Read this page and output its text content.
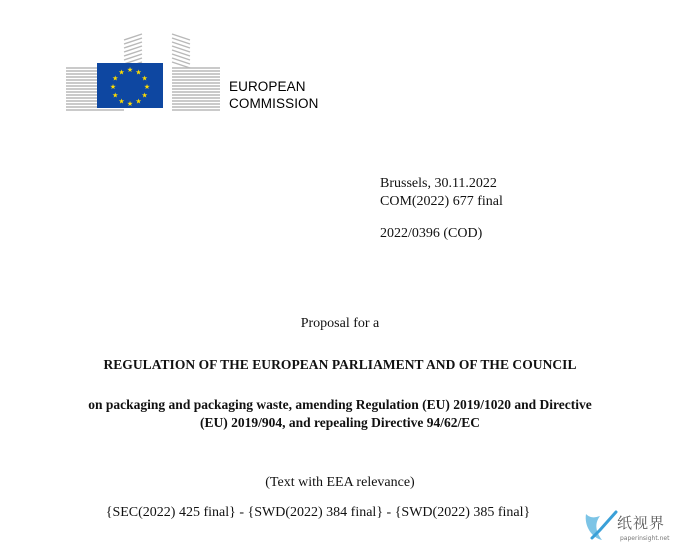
★ ★
★
★
★
★
★
★
★
★
★
★
EUROPEAN
COMMISSION
Brussels, 30.11.2022
COM(2022) 677 final
2022/0396 (COD)
Proposal for a
REGULATION OF THE EUROPEAN PARLIAMENT AND OF THE COUNCIL
on packaging and packaging waste, amending Regulation (EU) 2019/1020 and Directive
(EU) 2019/904, and repealing Directive 94/62/EC
(Text with EEA relevance)
{SEC(2022) 425 final} - {SWD(2022) 384 final} - {SWD(2022) 385 final}
纸视界
paperinsight.net
